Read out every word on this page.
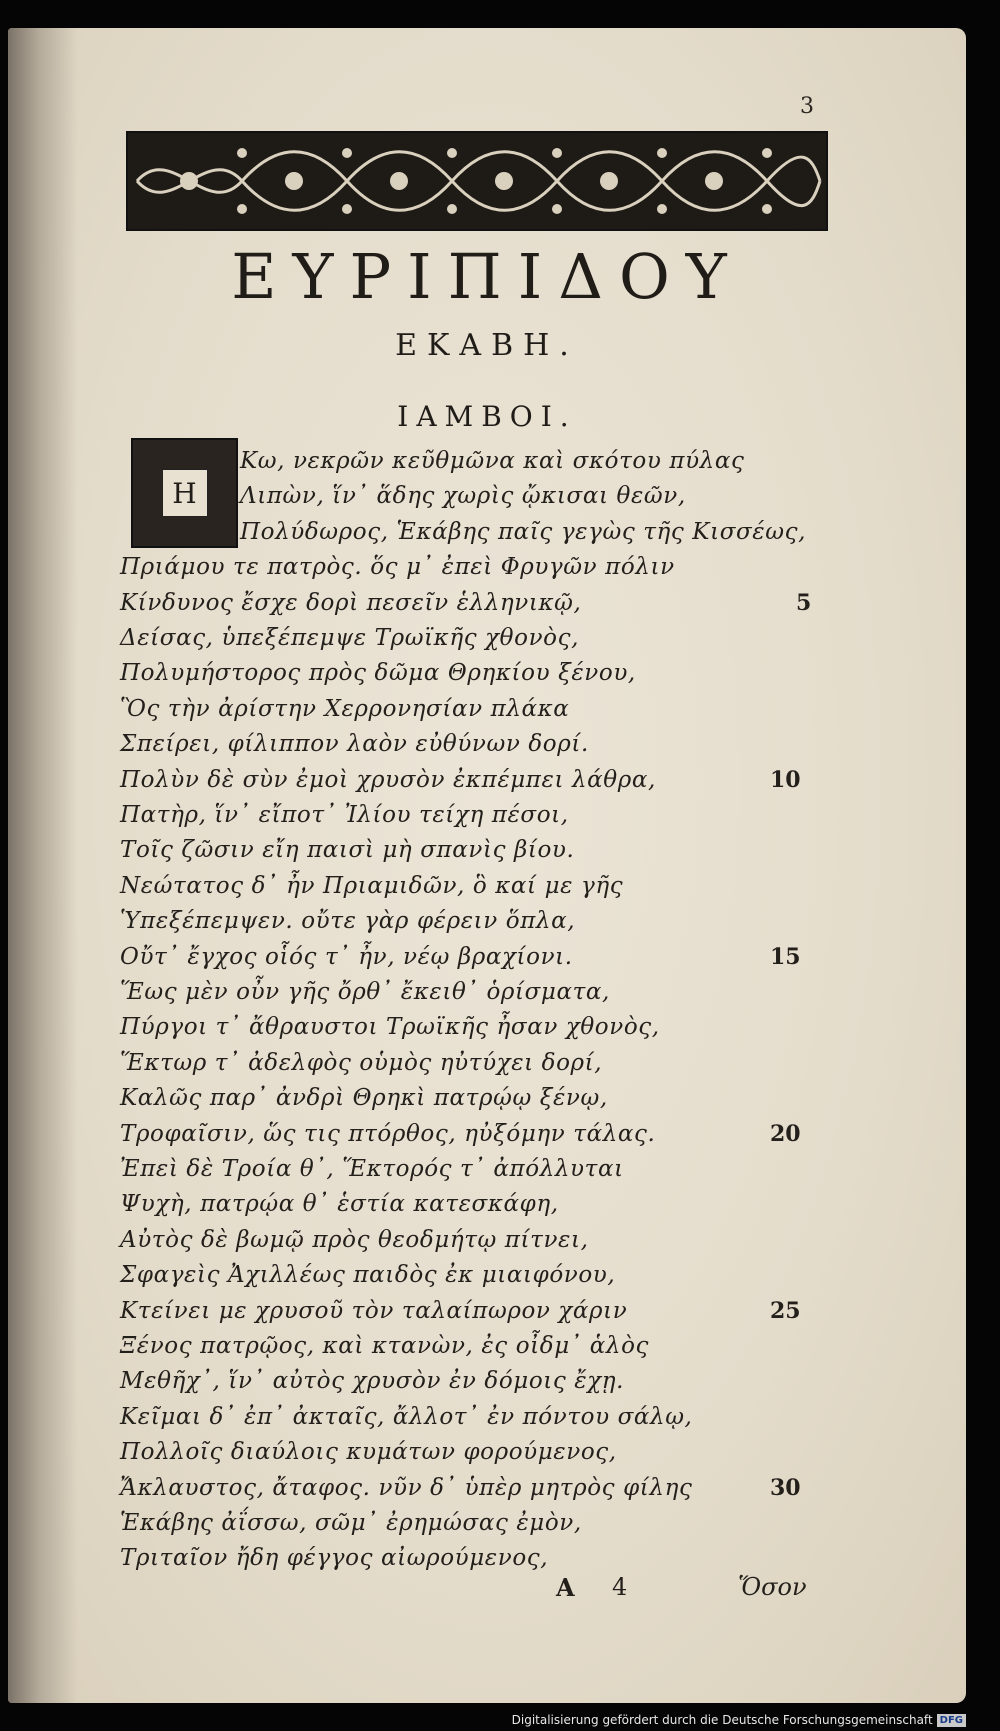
3
ΕΥΡΙΠΙΔΟΥ
ΕΚΑΒΗ.
ΙΑΜΒΟΙ.
Η
Κω, νεκρῶν κεῦθμῶνα καὶ σκότου πύλας
Λιπὼν, ἵν᾽ ἅδης χωρὶς ᾤκισαι θεῶν,
Πολύδωρος, Ἑκάβης παῖς γεγὼς τῆς Κισσέως,
Πριάμου τε πατρὸς. ὅς μ᾽ ἐπεὶ Φρυγῶν πόλιν
Κίνδυνος ἔσχε δορὶ πεσεῖν ἑλληνικῷ,	5
Δείσας, ὑπεξέπεμψε Τρωϊκῆς χθονὸς,
Πολυμήστορος πρὸς δῶμα Θρηκίου ξένου,
Ὃς τὴν ἀρίστην Χερρονησίαν πλάκα
Σπείρει, φίλιππον λαὸν εὐθύνων δορί.
Πολὺν δὲ σὺν ἐμοὶ χρυσὸν ἐκπέμπει λάθρα,	10
Πατὴρ, ἵν᾽ εἴποτ᾽ Ἰλίου τείχη πέσοι,
Τοῖς ζῶσιν εἴη παισὶ μὴ σπανὶς βίου.
Νεώτατος δ᾽ ἦν Πριαμιδῶν, ὃ καί με γῆς
Ὑπεξέπεμψεν. οὔτε γὰρ φέρειν ὅπλα,
Οὔτ᾽ ἔγχος οἷός τ᾽ ἦν, νέῳ βραχίονι.	15
Ἕως μὲν οὖν γῆς ὄρθ᾽ ἔκειθ᾽ ὁρίσματα,
Πύργοι τ᾽ ἄθραυστοι Τρωϊκῆς ἦσαν χθονὸς,
Ἕκτωρ τ᾽ ἀδελφὸς οὑμὸς ηὐτύχει δορί,
Καλῶς παρ᾽ ἀνδρὶ Θρηκὶ πατρῴῳ ξένῳ,
Τροφαῖσιν, ὥς τις πτόρθος, ηὐξόμην τάλας.	20
Ἐπεὶ δὲ Τροία θ᾽, Ἕκτορός τ᾽ ἀπόλλυται
Ψυχὴ, πατρῴα θ᾽ ἑστία κατεσκάφη,
Αὐτὸς δὲ βωμῷ πρὸς θεοδμήτῳ πίτνει,
Σφαγεὶς Ἀχιλλέως παιδὸς ἐκ μιαιφόνου,
Κτείνει με χρυσοῦ τὸν ταλαίπωρον χάριν	25
Ξένος πατρῷος, καὶ κτανὼν, ἐς οἶδμ᾽ ἁλὸς
Μεθῆχ᾽, ἵν᾽ αὐτὸς χρυσὸν ἐν δόμοις ἔχῃ.
Κεῖμαι δ᾽ ἐπ᾽ ἀκταῖς, ἄλλοτ᾽ ἐν πόντου σάλῳ,
Πολλοῖς διαύλοις κυμάτων φορούμενος,
Ἄκλαυστος, ἄταφος. νῦν δ᾽ ὑπὲρ μητρὸς φίλης	30
Ἑκάβης ἀΐσσω, σῶμ᾽ ἐρημώσας ἐμὸν,
Τριταῖον ἤδη φέγγος αἰωρούμενος,
A 4	Ὅσον
Digitalisierung gefördert durch die Deutsche Forschungsgemeinschaft DFG
